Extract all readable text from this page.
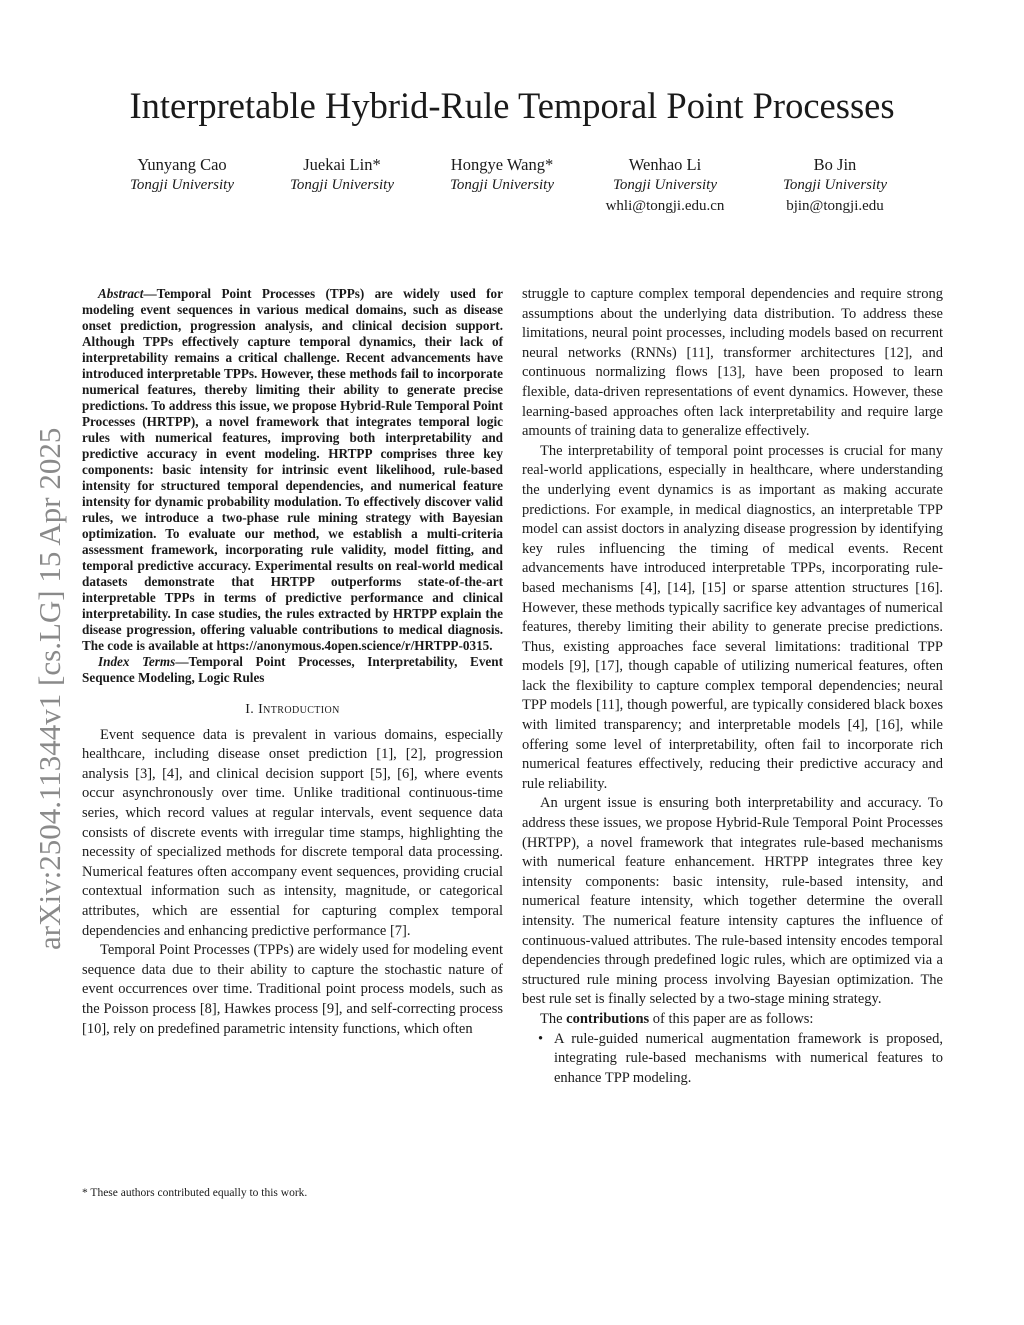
Interpretable Hybrid-Rule Temporal Point Processes
Yunyang Cao
Tongji University
Juekai Lin*
Tongji University
Hongye Wang*
Tongji University
Wenhao Li
Tongji University
whli@tongji.edu.cn
Bo Jin
Tongji University
bjin@tongji.edu
arXiv:2504.11344v1 [cs.LG] 15 Apr 2025

Abstract—Temporal Point Processes (TPPs) are widely used for modeling event sequences in various medical domains, such as disease onset prediction, progression analysis, and clinical decision support. Although TPPs effectively capture temporal dynamics, their lack of interpretability remains a critical challenge. Recent advancements have introduced interpretable TPPs. However, these methods fail to incorporate numerical features, thereby limiting their ability to generate precise predictions. To address this issue, we propose Hybrid-Rule Temporal Point Processes (HRTPP), a novel framework that integrates temporal logic rules with numerical features, improving both interpretability and predictive accuracy in event modeling. HRTPP comprises three key components: basic intensity for intrinsic event likelihood, rule-based intensity for structured temporal dependencies, and numerical feature intensity for dynamic probability modulation. To effectively discover valid rules, we introduce a two-phase rule mining strategy with Bayesian optimization. To evaluate our method, we establish a multi-criteria assessment framework, incorporating rule validity, model fitting, and temporal predictive accuracy. Experimental results on real-world medical datasets demonstrate that HRTPP outperforms state-of-the-art interpretable TPPs in terms of predictive performance and clinical interpretability. In case studies, the rules extracted by HRTPP explain the disease progression, offering valuable contributions to medical diagnosis. The code is available at https://anonymous.4open.science/r/HRTPP-0315.

Index Terms—Temporal Point Processes, Interpretability, Event Sequence Modeling, Logic Rules

I. Introduction

Event sequence data is prevalent in various domains, especially healthcare, including disease onset prediction [1], [2], progression analysis [3], [4], and clinical decision support [5], [6], where events occur asynchronously over time. Unlike traditional continuous-time series, which record values at regular intervals, event sequence data consists of discrete events with irregular time stamps, highlighting the necessity of specialized methods for discrete temporal data processing. Numerical features often accompany event sequences, providing crucial contextual information such as intensity, magnitude, or categorical attributes, which are essential for capturing complex temporal dependencies and enhancing predictive performance [7].

Temporal Point Processes (TPPs) are widely used for modeling event sequence data due to their ability to capture the stochastic nature of event occurrences over time. Traditional point process models, such as the Poisson process [8], Hawkes process [9], and self-correcting process [10], rely on predefined parametric intensity functions, which often

* These authors contributed equally to this work.

struggle to capture complex temporal dependencies and require strong assumptions about the underlying data distribution. To address these limitations, neural point processes, including models based on recurrent neural networks (RNNs) [11], transformer architectures [12], and continuous normalizing flows [13], have been proposed to learn flexible, data-driven representations of event dynamics. However, these learning-based approaches often lack interpretability and require large amounts of training data to generalize effectively.

The interpretability of temporal point processes is crucial for many real-world applications, especially in healthcare, where understanding the underlying event dynamics is as important as making accurate predictions. For example, in medical diagnostics, an interpretable TPP model can assist doctors in analyzing disease progression by identifying key rules influencing the timing of medical events. Recent advancements have introduced interpretable TPPs, incorporating rule-based mechanisms [4], [14], [15] or sparse attention structures [16]. However, these methods typically sacrifice key advantages of numerical features, thereby limiting their ability to generate precise predictions. Thus, existing approaches face several limitations: traditional TPP models [9], [17], though capable of utilizing numerical features, often lack the flexibility to capture complex temporal dependencies; neural TPP models [11], though powerful, are typically considered black boxes with limited transparency; and interpretable models [4], [16], while offering some level of interpretability, often fail to incorporate rich numerical features effectively, reducing their predictive accuracy and rule reliability.

An urgent issue is ensuring both interpretability and accuracy. To address these issues, we propose Hybrid-Rule Temporal Point Processes (HRTPP), a novel framework that integrates rule-based mechanisms with numerical feature enhancement. HRTPP integrates three key intensity components: basic intensity, rule-based intensity, and numerical feature intensity, which together determine the overall intensity. The numerical feature intensity captures the influence of continuous-valued attributes. The rule-based intensity encodes temporal dependencies through predefined logic rules, which are optimized via a structured rule mining process involving Bayesian optimization. The best rule set is finally selected by a two-stage mining strategy.

The contributions of this paper are as follows:

• A rule-guided numerical augmentation framework is proposed, integrating rule-based mechanisms with numerical features to enhance TPP modeling.
